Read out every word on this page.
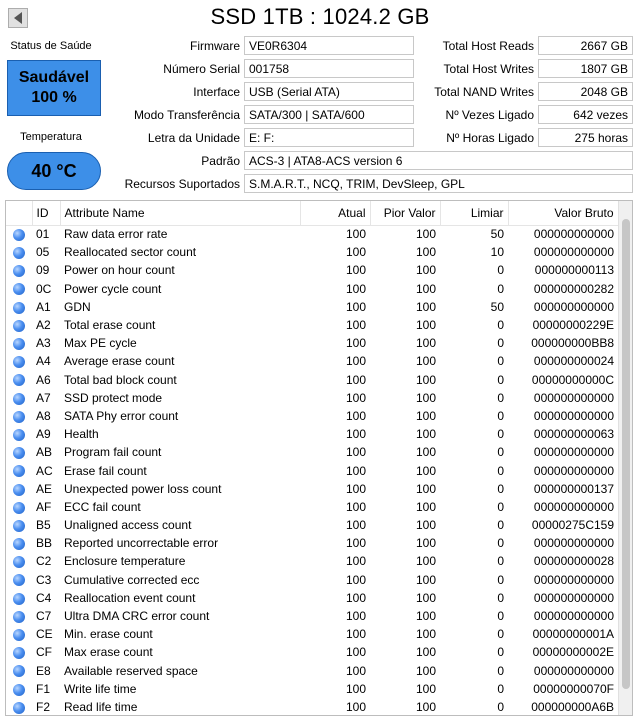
SSD 1TB : 1024.2 GB
Status de Saúde
Saudável
100 %
Temperatura
40 °C
Firmware VE0R6304
Número Serial 001758
Interface USB (Serial ATA)
Modo Transferência SATA/300 | SATA/600
Letra da Unidade E: F:
Padrão ACS-3 | ATA8-ACS version 6
Recursos Suportados S.M.A.R.T., NCQ, TRIM, DevSleep, GPL
Total Host Reads	2667 GB
Total Host Writes	1807 GB
Total NAND Writes	2048 GB
Nº Vezes Ligado	642 vezes
Nº Horas Ligado	275 horas
	ID	Attribute Name	Atual	Pior Valor	Limiar	Valor Bruto
	01	Raw data error rate	100	100	50	000000000000
	05	Reallocated sector count	100	100	10	000000000000
	09	Power on hour count	100	100	0	000000000113
	0C	Power cycle count	100	100	0	000000000282
	A1	GDN	100	100	50	000000000000
	A2	Total erase count	100	100	0	00000000229E
	A3	Max PE cycle	100	100	0	000000000BB8
	A4	Average erase count	100	100	0	000000000024
	A6	Total bad block count	100	100	0	00000000000C
	A7	SSD protect mode	100	100	0	000000000000
	A8	SATA Phy error count	100	100	0	000000000000
	A9	Health	100	100	0	000000000063
	AB	Program fail count	100	100	0	000000000000
	AC	Erase fail count	100	100	0	000000000000
	AE	Unexpected power loss count	100	100	0	000000000137
	AF	ECC fail count	100	100	0	000000000000
	B5	Unaligned access count	100	100	0	00000275C159
	BB	Reported uncorrectable error	100	100	0	000000000000
	C2	Enclosure temperature	100	100	0	000000000028
	C3	Cumulative corrected ecc	100	100	0	000000000000
	C4	Reallocation event count	100	100	0	000000000000
	C7	Ultra DMA CRC error count	100	100	0	000000000000
	CE	Min. erase count	100	100	0	00000000001A
	CF	Max erase count	100	100	0	00000000002E
	E8	Available reserved space	100	100	0	000000000000
	F1	Write life time	100	100	0	00000000070F
	F2	Read life time	100	100	0	000000000A6B
